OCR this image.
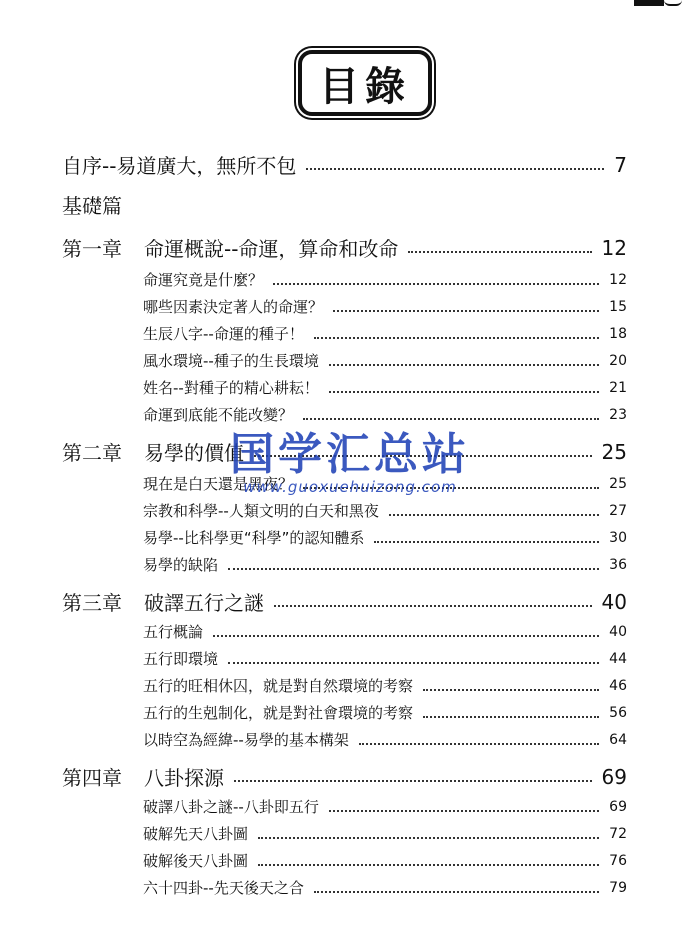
目錄
自序--易道廣大，無所不包	7
基礎篇
第一章	命運概說--命運，算命和改命	12
命運究竟是什麼？	12
哪些因素決定著人的命運？	15
生辰八字--命運的種子！	18
風水環境--種子的生長環境	20
姓名--對種子的精心耕耘！	21
命運到底能不能改變？	23
第二章	易學的價值	25
現在是白天還是黑夜？	25
宗教和科學--人類文明的白天和黑夜	27
易學--比科學更“科學”的認知體系	30
易學的缺陷	36
第三章	破譯五行之謎	40
五行概論	40
五行即環境	44
五行的旺相休囚，就是對自然環境的考察	46
五行的生剋制化，就是對社會環境的考察	56
以時空為經緯--易學的基本構架	64
第四章	八卦探源	69
破譯八卦之謎--八卦即五行	69
破解先天八卦圖	72
破解後天八卦圖	76
六十四卦--先天後天之合	79
国学汇总站
www.guoxuehuizong.com
